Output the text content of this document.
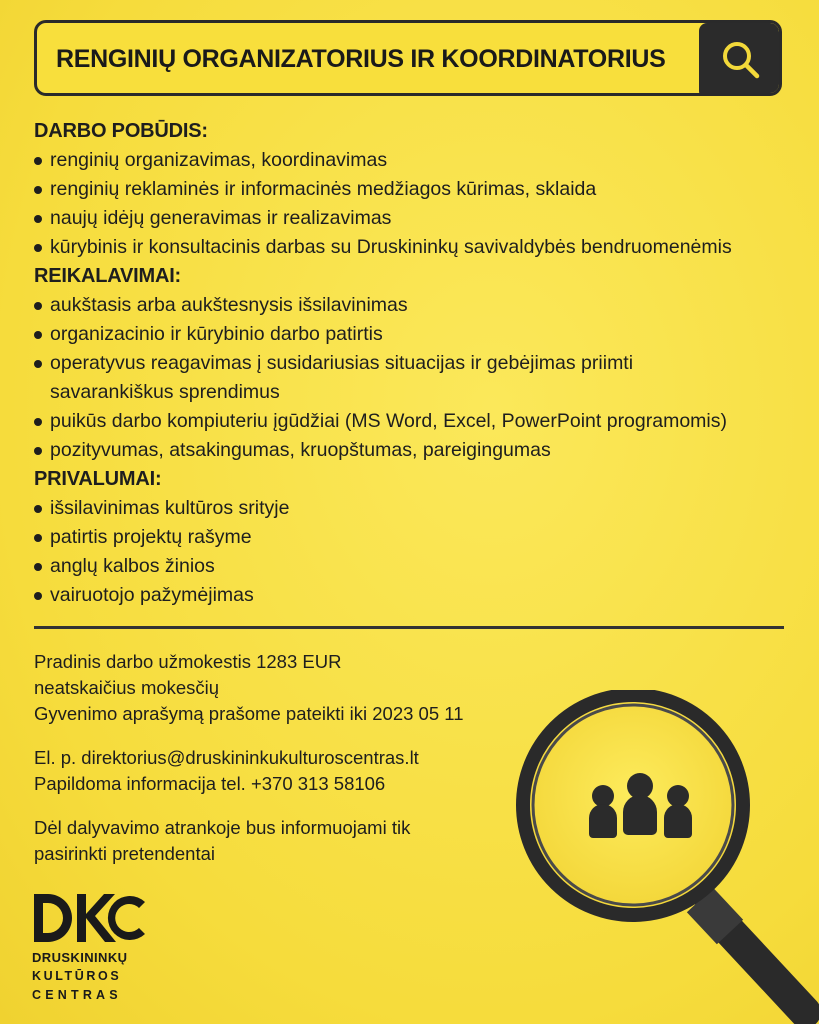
RENGINIŲ ORGANIZATORIUS IR KOORDINATORIUS
DARBO POBŪDIS:
renginių organizavimas, koordinavimas
renginių reklaminės ir informacinės medžiagos kūrimas, sklaida
naujų idėjų generavimas ir realizavimas
kūrybinis ir konsultacinis darbas su Druskininkų savivaldybės bendruomenėmis
REIKALAVIMAI:
aukštasis arba aukštesnysis išsilavinimas
organizacinio ir kūrybinio darbo patirtis
operatyvus reagavimas į susidariusias situacijas ir gebėjimas priimti savarankiškus sprendimus
puikūs darbo kompiuteriu įgūdžiai (MS Word, Excel, PowerPoint programomis)
pozityvumas, atsakingumas, kruopštumas, pareigingumas
PRIVALUMAI:
išsilavinimas kultūros srityje
patirtis projektų rašyme
anglų kalbos žinios
vairuotojo pažymėjimas

Pradinis darbo užmokestis 1283 EUR
neatskaičius mokesčių
Gyvenimo aprašymą prašome pateikti iki 2023 05 11

El. p. direktorius@druskininkukulturoscentras.lt
Papildoma informacija tel. +370 313 58106

Dėl dalyvavimo atrankoje bus informuojami tik
pasirinkti pretendentai

DRUSKININKŲ
KULTŪROS
CENTRAS
